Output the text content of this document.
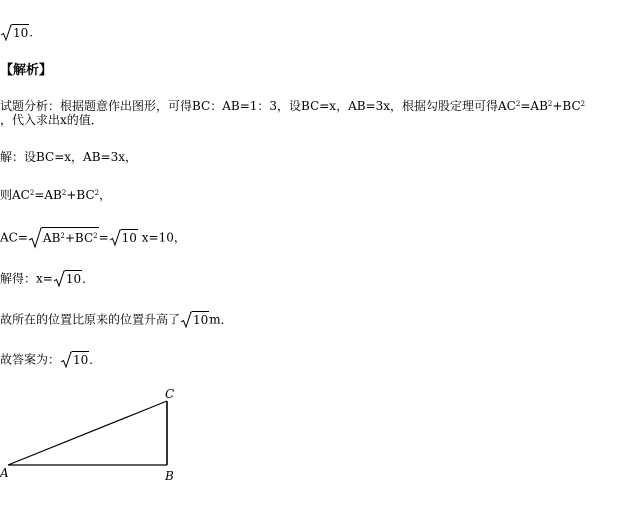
10 .
【解析】
试题分析：根据题意作出图形，可得BC：AB=1：3，设BC=x，AB=3x，根据勾股定理可得$AC^2=AB^2+BC^2$
，代入求出x的值．
解：设BC=x，AB=3x，
则$AC^2=AB^2+BC^2$，
$AC= AB^2+BC^2 = 10$ x=10，
解得：x= 10 ．
故所在的位置比原来的位置升高了 10 m．
故答案为： 10 ．
A	B
C
